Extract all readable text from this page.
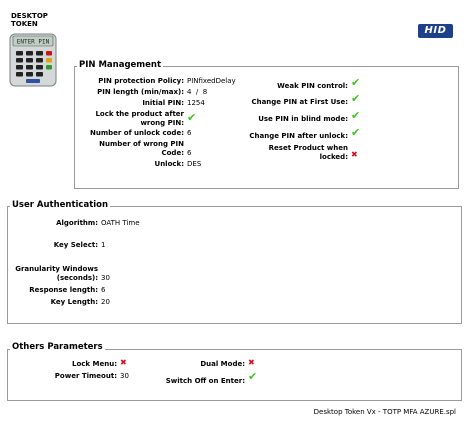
DESKTOP
TOKEN
ENTER PIN
HID
PIN Management
PIN protection Policy: PINfixedDelay
PIN length (min/max): 4  /  8
Initial PIN: 1254
Lock the product after
wrong PIN:
✔
Number of unlock code: 6
Number of wrong PIN
Code: 6
Unlock: DES
Weak PIN control:
✔
Change PIN at First Use:
✔
Use PIN in blind mode:
✔
Change PIN after unlock:
✔
Reset Product when
locked:
✖
User Authentication
Algorithm: OATH Time
Key Select: 1
Granularity Windows
(seconds): 30
Response length: 6
Key Length: 20
Others Parameters
Lock Menu:
✖
Power Timeout: 30
Dual Mode:
✖
Switch Off on Enter:
✔
Desktop Token Vx - TOTP MFA AZURE.spl
